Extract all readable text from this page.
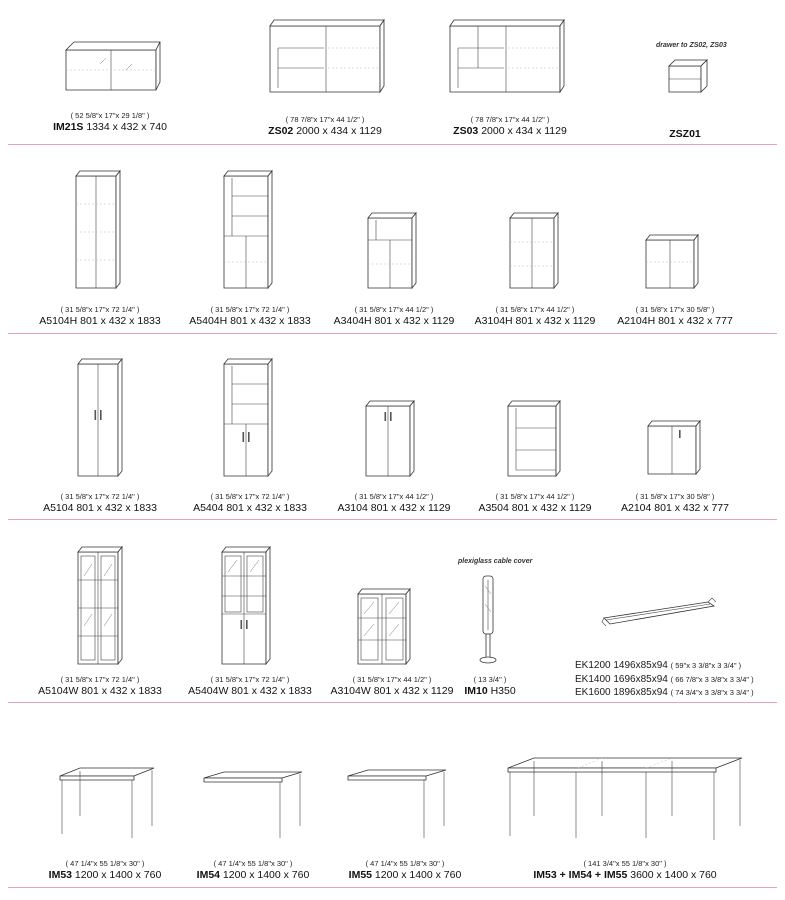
( 52 5/8"x 17"x 29 1/8" )
IM21S 1334 x 432 x 740
( 78 7/8"x 17"x 44 1/2" )
ZS02 2000 x 434 x 1129
( 78 7/8"x 17"x 44 1/2" )
ZS03 2000 x 434 x 1129
drawer to ZS02, ZS03
ZSZ01
( 31 5/8"x 17"x 72 1/4" )
A5104H 801 x 432 x 1833
( 31 5/8"x 17"x 72 1/4" )
A5404H 801 x 432 x 1833
( 31 5/8"x 17"x 44 1/2" )
A3404H 801 x 432 x 1129
( 31 5/8"x 17"x 44 1/2" )
A3104H 801 x 432 x 1129
( 31 5/8"x 17"x 30 5/8" )
A2104H 801 x 432 x 777
( 31 5/8"x 17"x 72 1/4" )
A5104 801 x 432 x 1833
( 31 5/8"x 17"x 72 1/4" )
A5404 801 x 432 x 1833
( 31 5/8"x 17"x 44 1/2" )
A3104 801 x 432 x 1129
( 31 5/8"x 17"x 44 1/2" )
A3504 801 x 432 x 1129
( 31 5/8"x 17"x 30 5/8" )
A2104 801 x 432 x 777
( 31 5/8"x 17"x 72 1/4" )
A5104W 801 x 432 x 1833
( 31 5/8"x 17"x 72 1/4" )
A5404W 801 x 432 x 1833
( 31 5/8"x 17"x 44 1/2" )
A3104W 801 x 432 x 1129
plexiglass cable cover
( 13 3/4" )
IM10 H350
EK1200 1496x85x94 ( 59"x 3 3/8"x 3 3/4" )
EK1400 1696x85x94 ( 66 7/8"x 3 3/8"x 3 3/4" )
EK1600 1896x85x94 ( 74 3/4"x 3 3/8"x 3 3/4" )
( 47 1/4"x 55 1/8"x 30" )
IM53 1200 x 1400 x 760
( 47 1/4"x 55 1/8"x 30" )
IM54 1200 x 1400 x 760
( 47 1/4"x 55 1/8"x 30" )
IM55 1200 x 1400 x 760
( 141 3/4"x 55 1/8"x 30" )
IM53 + IM54 + IM55 3600 x 1400 x 760
